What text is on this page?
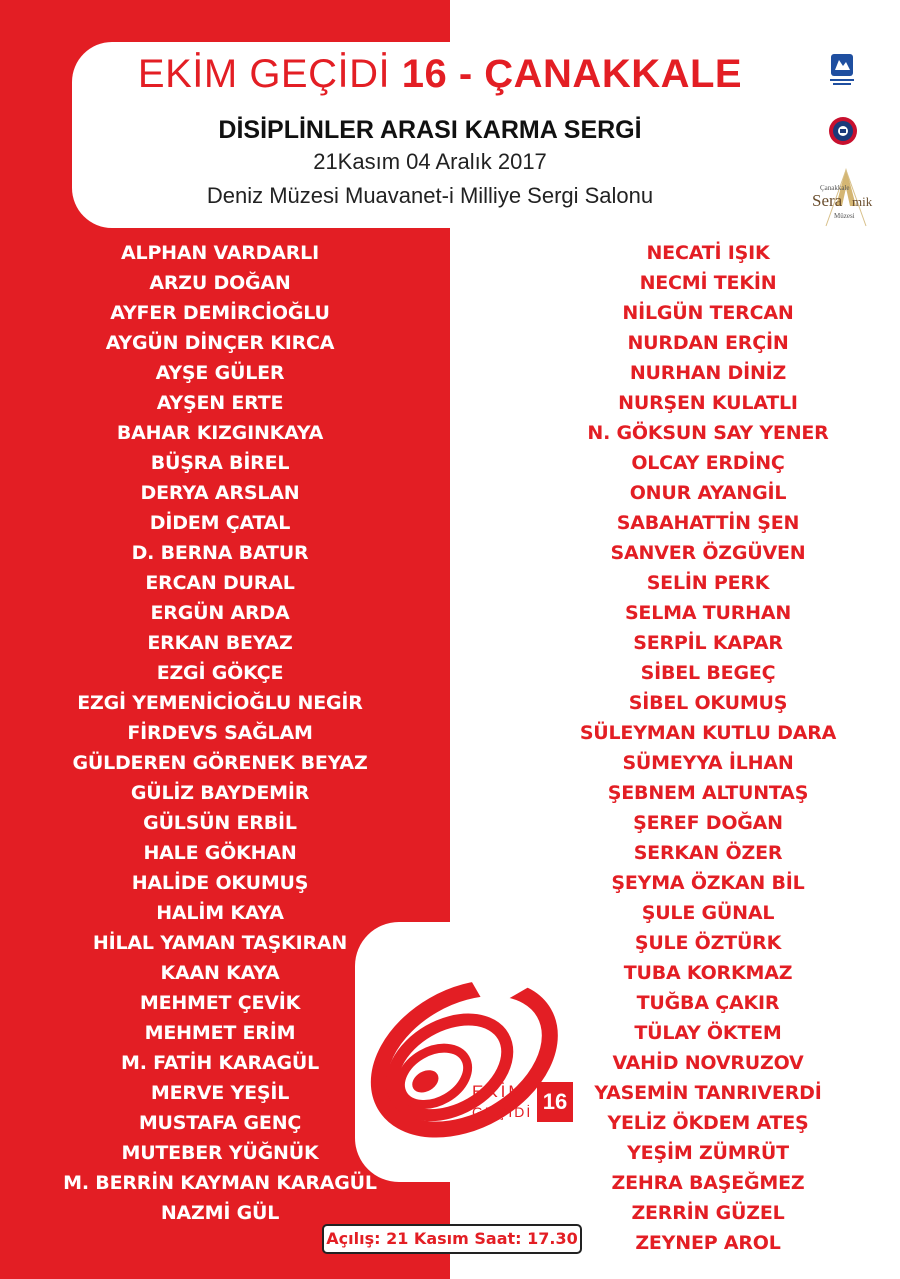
EKİM GEÇİDİ 16 - ÇANAKKALE
DİSİPLİNLER ARASI KARMA SERGİ
21Kasım 04 Aralık 2017
Deniz Müzesi Muavanet-i Milliye Sergi Salonu	Çanakkale
Sera mik
Müzesi
ALPHAN VARDARLI
ARZU DOĞAN
AYFER DEMİRCİOĞLU
AYGÜN DİNÇER KIRCA
AYŞE GÜLER
AYŞEN ERTE
BAHAR KIZGINKAYA
BÜŞRA BİREL
DERYA ARSLAN
DİDEM ÇATAL
D. BERNA BATUR
ERCAN DURAL
ERGÜN ARDA
ERKAN BEYAZ
EZGİ GÖKÇE
EZGİ YEMENİCİOĞLU NEGİR
FİRDEVS SAĞLAM
GÜLDEREN GÖRENEK BEYAZ
GÜLİZ BAYDEMİR
GÜLSÜN ERBİL
HALE GÖKHAN
HALİDE OKUMUŞ
HALİM KAYA
HİLAL YAMAN TAŞKIRAN
KAAN KAYA
MEHMET ÇEVİK
MEHMET ERİM
M. FATİH KARAGÜL
MERVE YEŞİL
MUSTAFA GENÇ
MUTEBER YÜĞNÜK
M. BERRİN KAYMAN KARAGÜL
NAZMİ GÜL
NECATİ IŞIK
NECMİ TEKİN
NİLGÜN TERCAN
NURDAN ERÇİN
NURHAN DİNİZ
NURŞEN KULATLI
N. GÖKSUN SAY YENER
OLCAY ERDİNÇ
ONUR AYANGİL
SABAHATTİN ŞEN
SANVER ÖZGÜVEN
SELİN PERK
SELMA TURHAN
SERPİL KAPAR
SİBEL BEGEÇ
SİBEL OKUMUŞ
SÜLEYMAN KUTLU DARA
SÜMEYYA İLHAN
ŞEBNEM ALTUNTAŞ
ŞEREF DOĞAN
SERKAN ÖZER
ŞEYMA ÖZKAN BİL
ŞULE GÜNAL
ŞULE ÖZTÜRK
TUBA KORKMAZ
TUĞBA ÇAKIR
TÜLAY ÖKTEM
VAHİD NOVRUZOV
YASEMİN TANRIVERDİ
YELİZ ÖKDEM ATEŞ
YEŞİM ZÜMRÜT
ZEHRA BAŞEĞMEZ
ZERRİN GÜZEL
ZEYNEP AROL
EKİM
GEÇİDİ 16
Açılış: 21 Kasım Saat: 17.30
